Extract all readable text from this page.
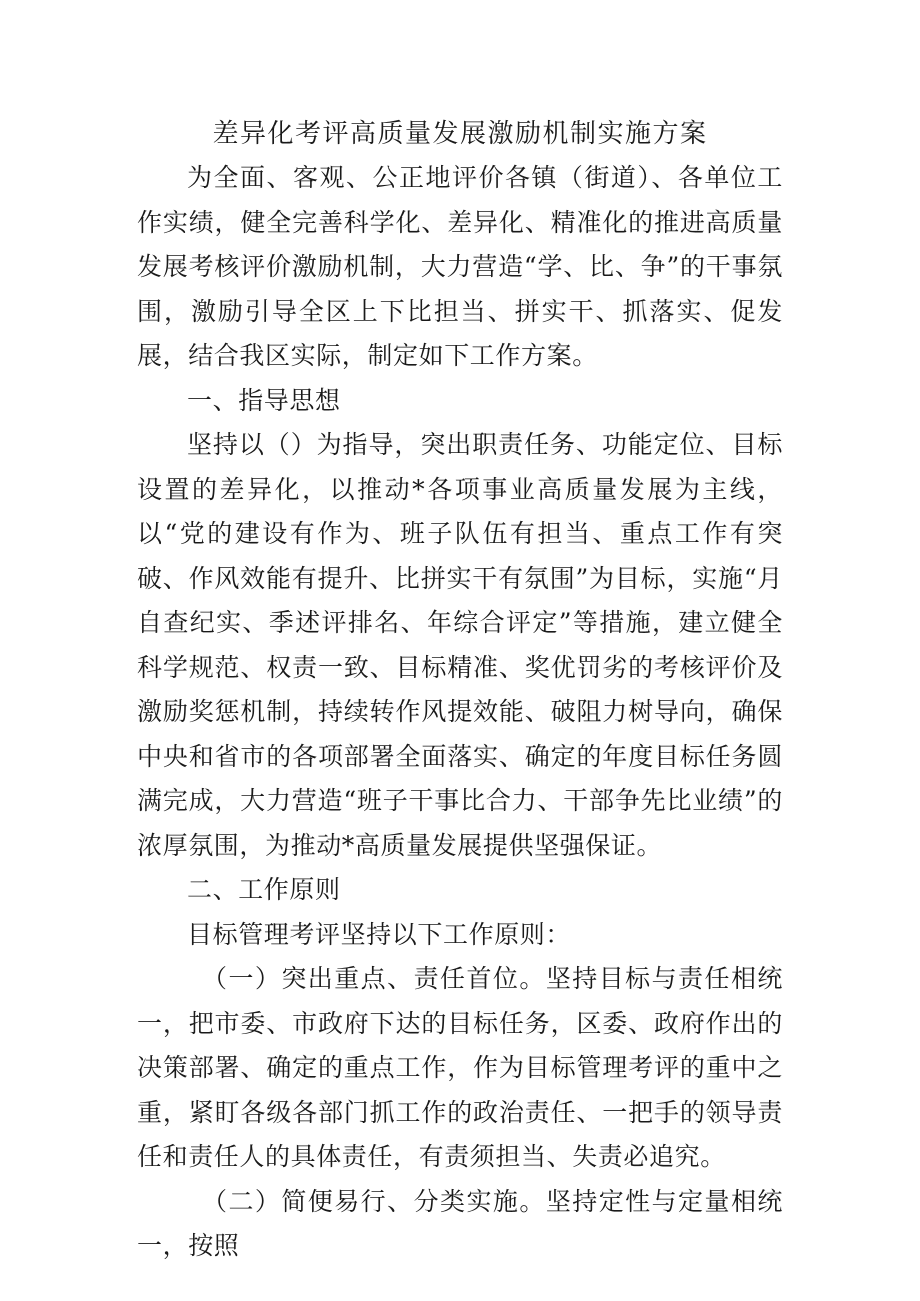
差异化考评高质量发展激励机制实施方案

为全面、客观、公正地评价各镇（街道）、各单位工作实绩，健全完善科学化、差异化、精准化的推进高质量发展考核评价激励机制，大力营造“学、比、争”的干事氛围，激励引导全区上下比担当、拼实干、抓落实、促发展，结合我区实际，制定如下工作方案。

一、指导思想

坚持以（）为指导，突出职责任务、功能定位、目标设置的差异化，以推动*各项事业高质量发展为主线，以“党的建设有作为、班子队伍有担当、重点工作有突破、作风效能有提升、比拼实干有氛围”为目标，实施“月自查纪实、季述评排名、年综合评定”等措施，建立健全科学规范、权责一致、目标精准、奖优罚劣的考核评价及激励奖惩机制，持续转作风提效能、破阻力树导向，确保中央和省市的各项部署全面落实、确定的年度目标任务圆满完成，大力营造“班子干事比合力、干部争先比业绩”的浓厚氛围，为推动*高质量发展提供坚强保证。

二、工作原则

目标管理考评坚持以下工作原则：

（一）突出重点、责任首位。坚持目标与责任相统一，把市委、市政府下达的目标任务，区委、政府作出的决策部署、确定的重点工作，作为目标管理考评的重中之重，紧盯各级各部门抓工作的政治责任、一把手的领导责任和责任人的具体责任，有责须担当、失责必追究。

（二）简便易行、分类实施。坚持定性与定量相统一，按照
